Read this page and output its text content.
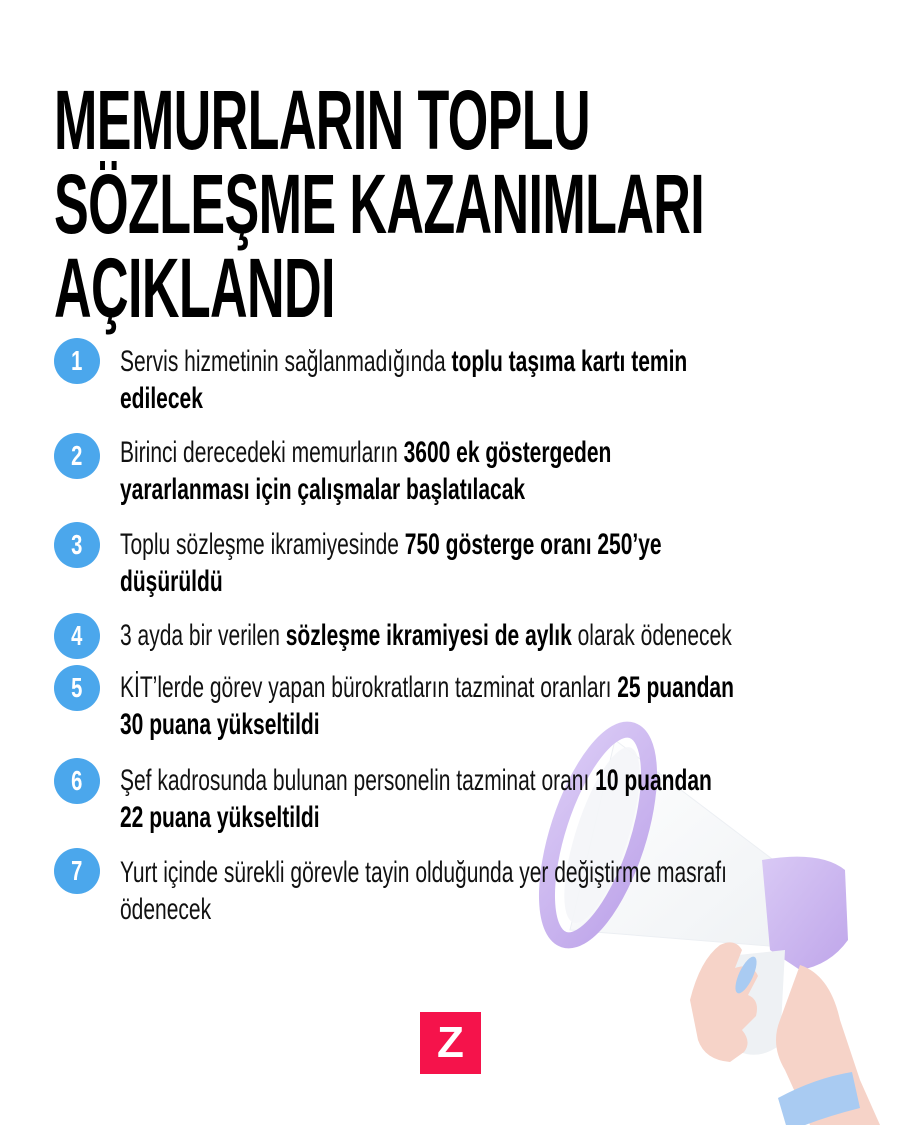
MEMURLARIN TOPLU
SÖZLEŞME KAZANIMLARI
AÇIKLANDI
1 Servis hizmetinin sağlanmadığında toplu taşıma kartı temin
edilecek
2 Birinci derecedeki memurların 3600 ek göstergeden
yararlanması için çalışmalar başlatılacak
3 Toplu sözleşme ikramiyesinde 750 gösterge oranı 250’ye
düşürüldü
4 3 ayda bir verilen sözleşme ikramiyesi de aylık olarak ödenecek
5 KİT’lerde görev yapan bürokratların tazminat oranları 25 puandan
30 puana yükseltildi
6 Şef kadrosunda bulunan personelin tazminat oranı 10 puandan
22 puana yükseltildi
7 Yurt içinde sürekli görevle tayin olduğunda yer değiştirme masrafı
ödenecek
Z
